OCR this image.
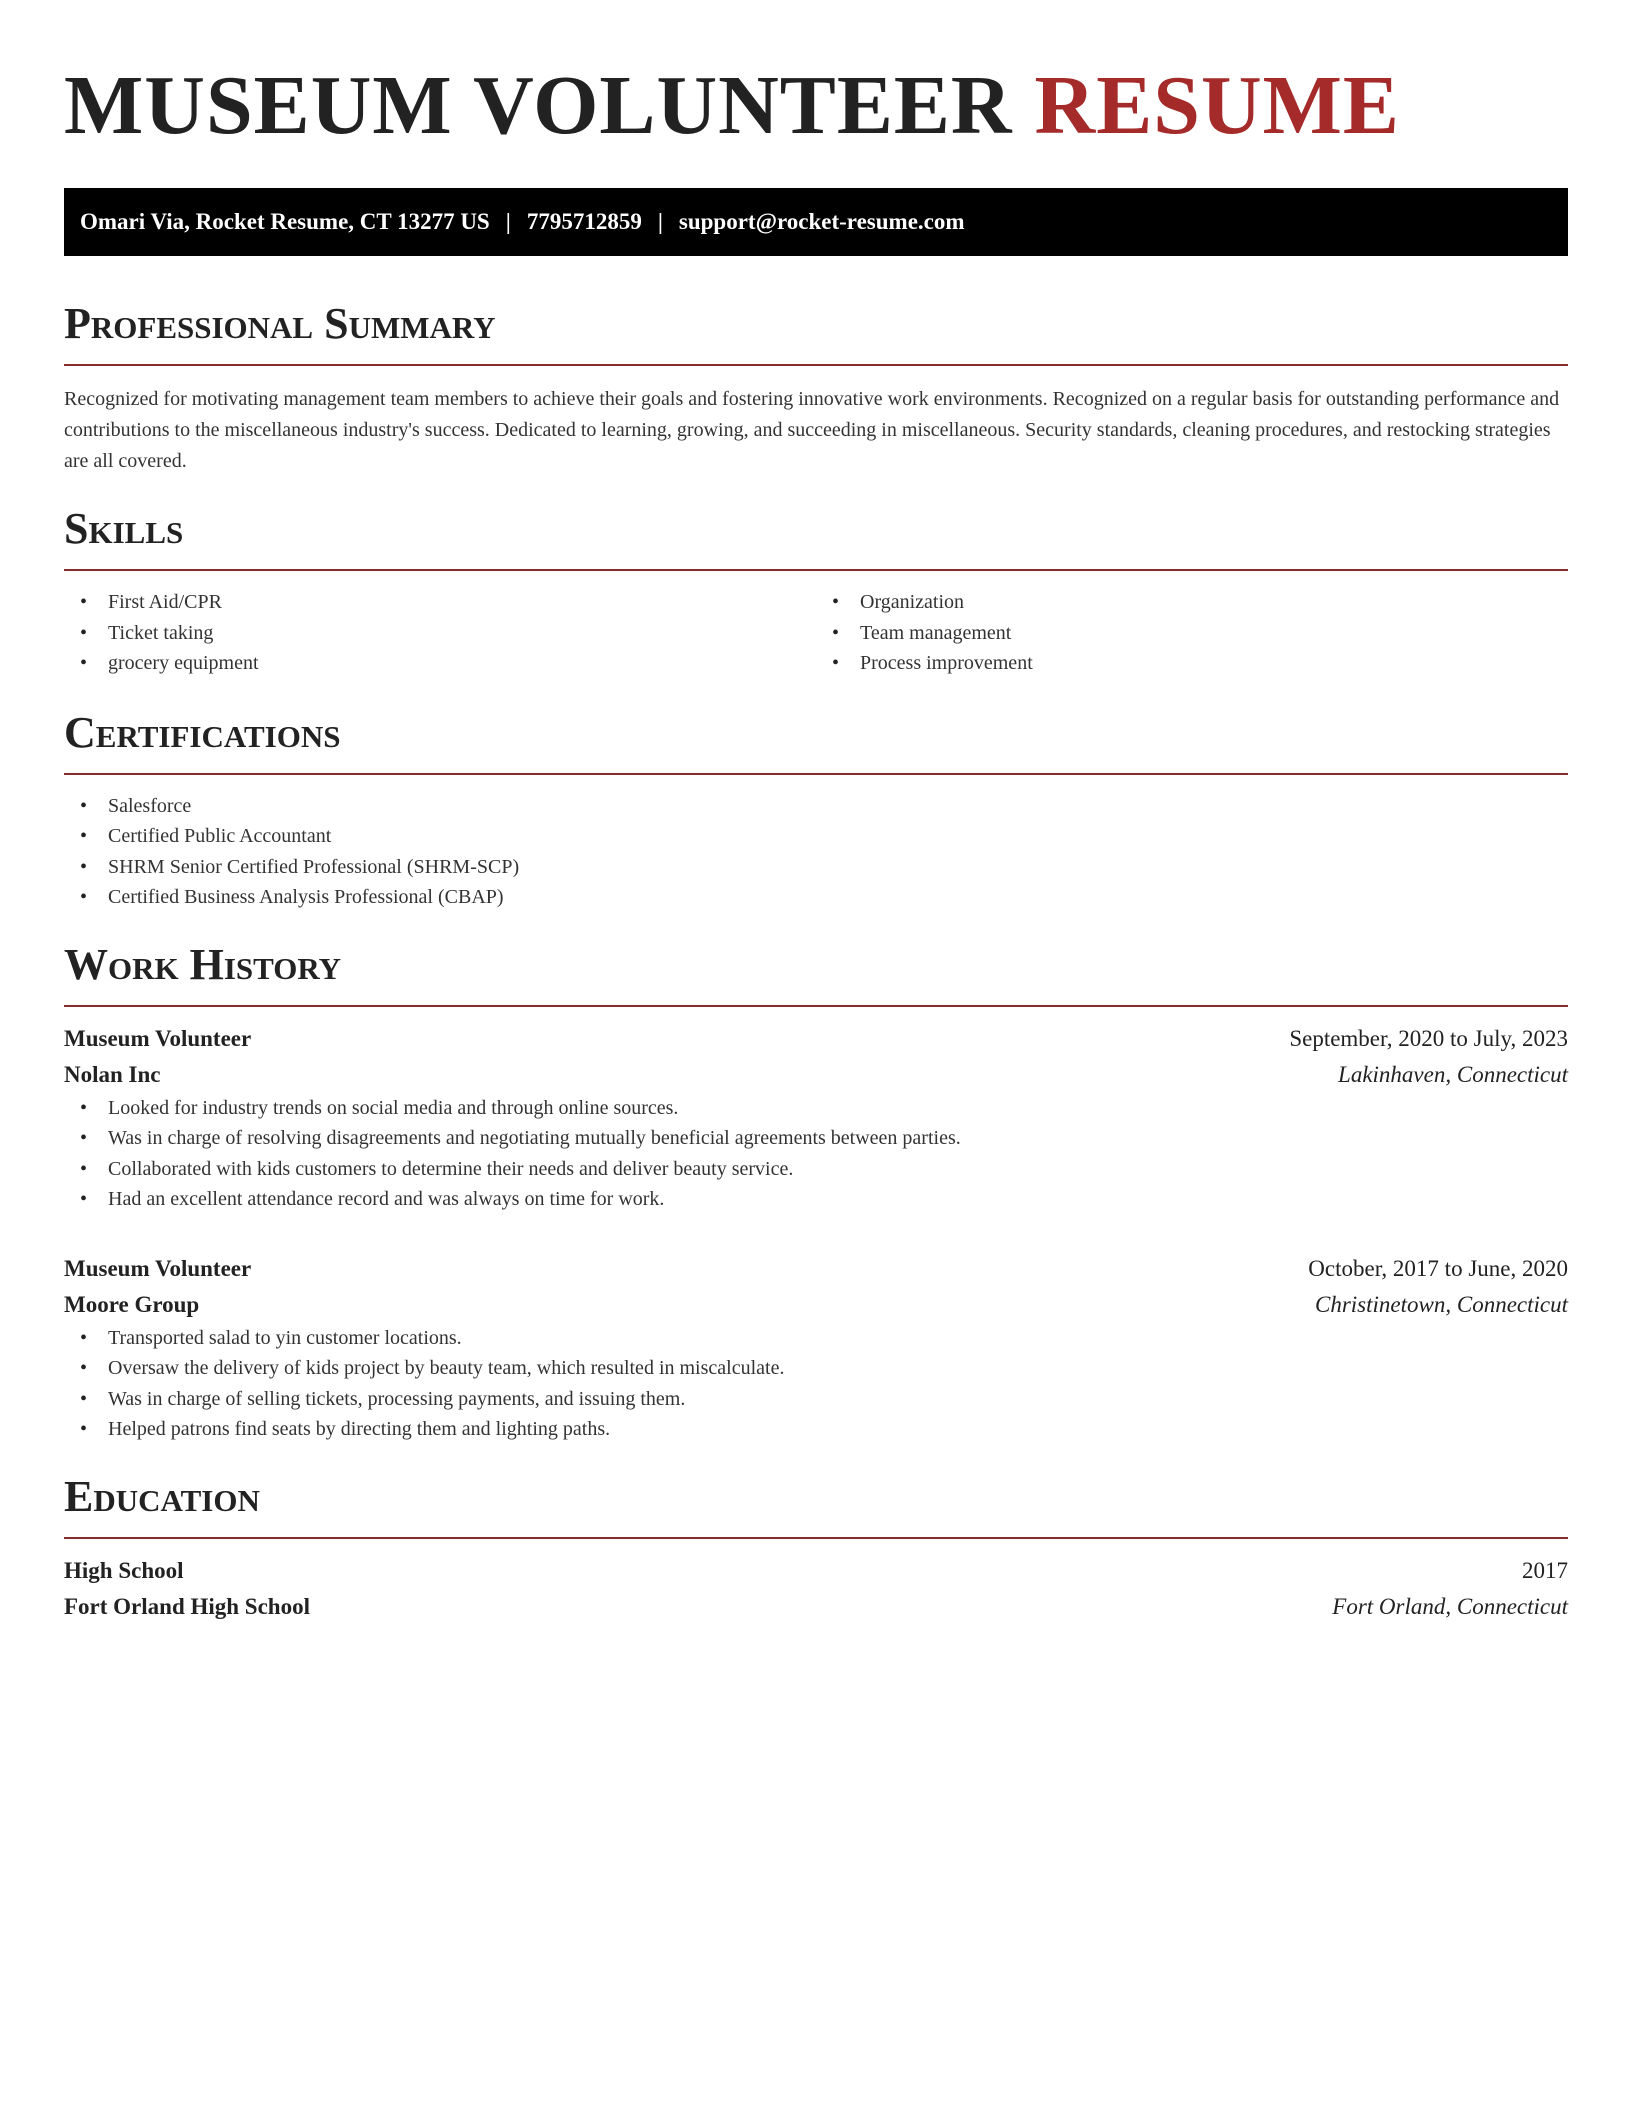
MUSEUM VOLUNTEER RESUME
Omari Via, Rocket Resume, CT 13277 US | 7795712859 | support@rocket-resume.com
Professional Summary

Recognized for motivating management team members to achieve their goals and fostering innovative work environments. Recognized on a regular basis for outstanding performance and contributions to the miscellaneous industry's success. Dedicated to learning, growing, and succeeding in miscellaneous. Security standards, cleaning procedures, and restocking strategies are all covered.

Skills
• First Aid/CPR
• Ticket taking
• grocery equipment
• Organization
• Team management
• Process improvement
Certifications
• Salesforce
• Certified Public Accountant
• SHRM Senior Certified Professional (SHRM-SCP)
• Certified Business Analysis Professional (CBAP)
Work History
Museum Volunteer	September, 2020 to July, 2023
Nolan Inc	Lakinhaven, Connecticut
• Looked for industry trends on social media and through online sources.
• Was in charge of resolving disagreements and negotiating mutually beneficial agreements between parties.
• Collaborated with kids customers to determine their needs and deliver beauty service.
• Had an excellent attendance record and was always on time for work.
Museum Volunteer	October, 2017 to June, 2020
Moore Group	Christinetown, Connecticut
• Transported salad to yin customer locations.
• Oversaw the delivery of kids project by beauty team, which resulted in miscalculate.
• Was in charge of selling tickets, processing payments, and issuing them.
• Helped patrons find seats by directing them and lighting paths.
Education
High School	2017
Fort Orland High School	Fort Orland, Connecticut
